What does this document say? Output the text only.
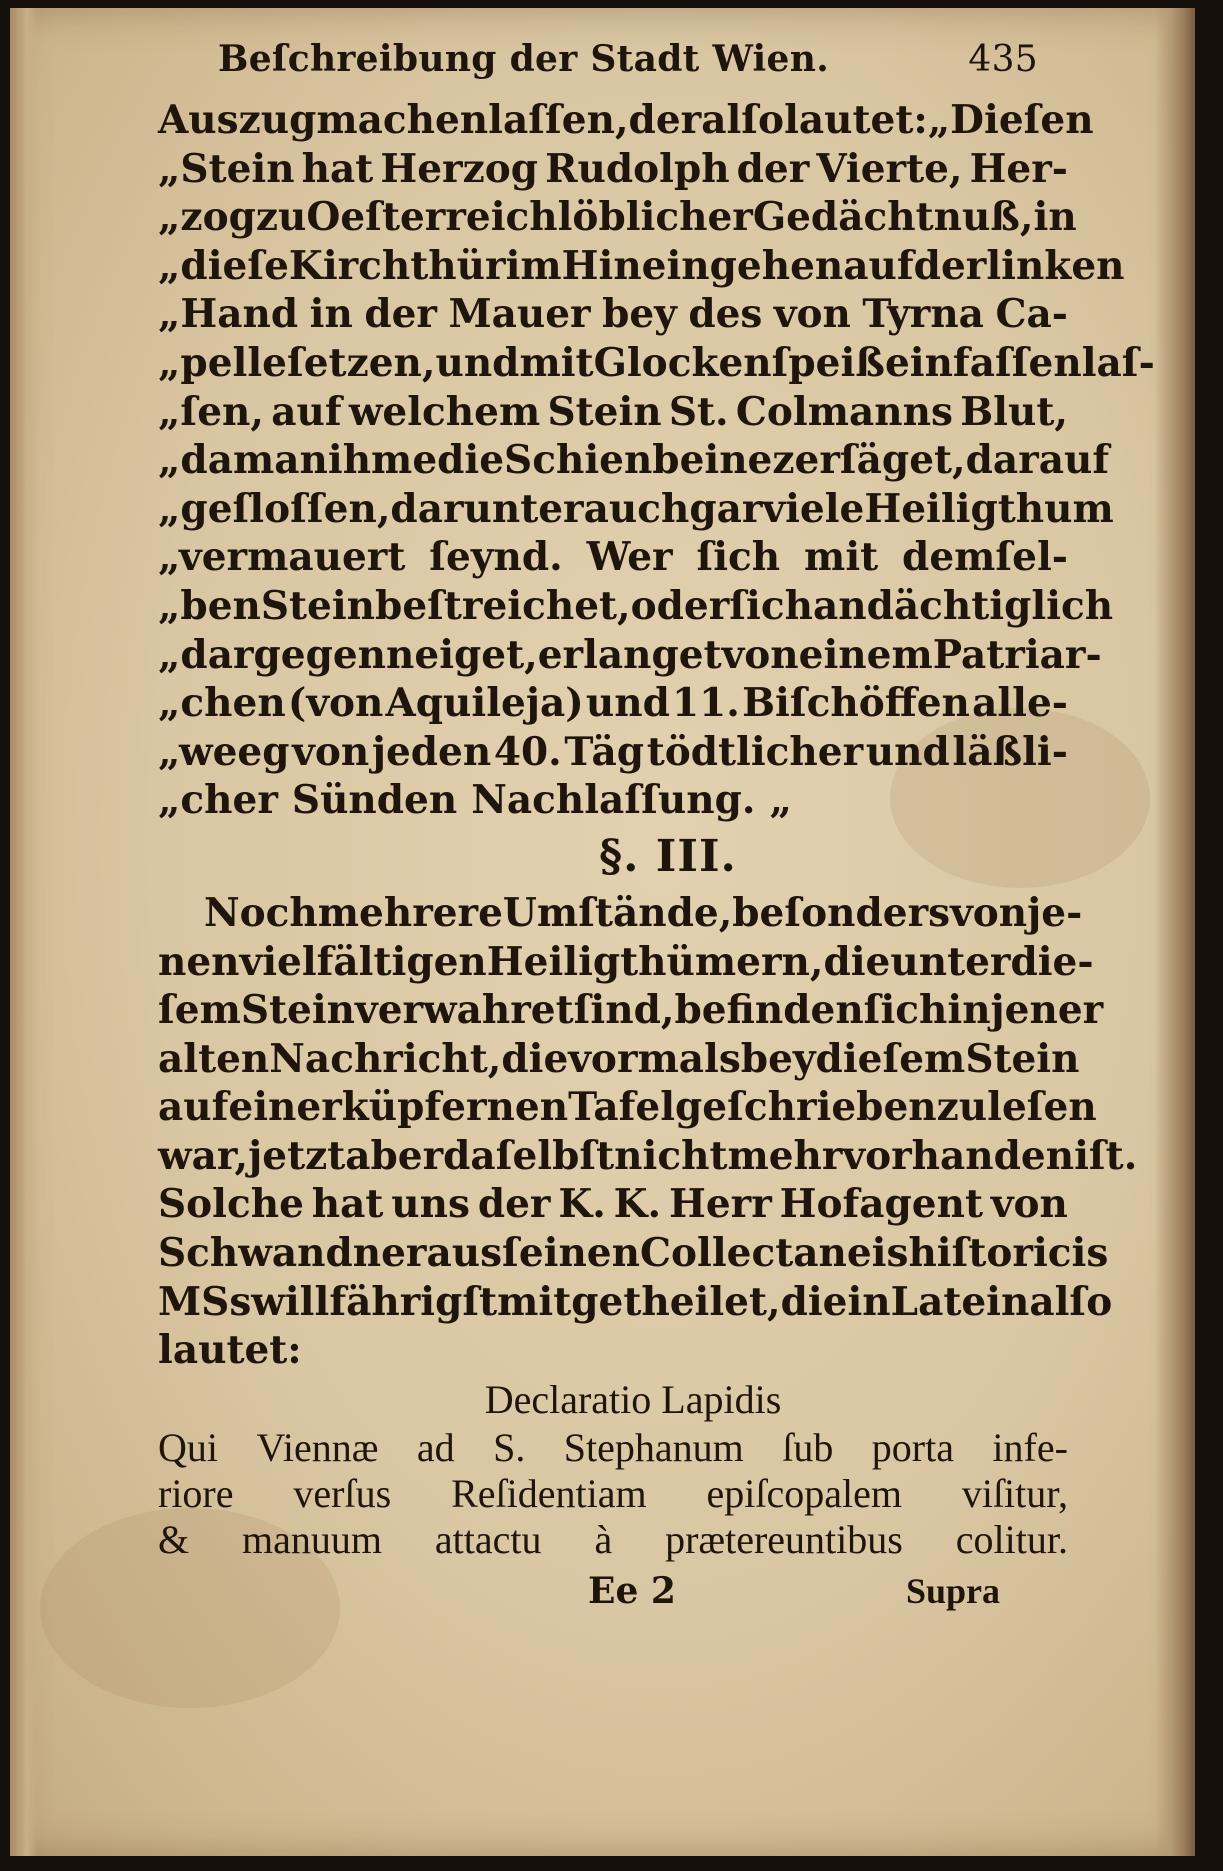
Beſchreibung der Stadt Wien.	435
Auszug machen laſſen, der alſo lautet: „Dieſen
„Stein hat Herzog Rudolph der Vierte, Her-
„zog zu Oeſterreich löblicher Gedächtnuß, in
„dieſe Kirchthür im Hineingehen auf der linken
„Hand in der Mauer bey des von Tyrna Ca-
„pelle ſetzen, und mit Glockenſpeiß einfaſſen laſ-
„ſen, auf welchem Stein St. Colmanns Blut,
„da man ihme die Schienbeine zerſäget, darauf
„geſloſſen, darunter auch gar viele Heiligthum
„vermauert ſeynd. Wer ſich mit demſel-
„ben Stein beſtreichet, oder ſich andächtiglich
„dargegen neiget, erlanget von einem Patriar-
„chen (von Aquileja) und 11. Biſchöffen alle-
„weeg von jeden 40. Täg tödtlicher und läßli-
„cher Sünden Nachlaſſung. „
§. III.
Noch mehrere Umſtände, beſonders von je-
nen vielfältigen Heiligthümern, die unter die-
ſem Stein verwahret ſind, befinden ſich in jener
alten Nachricht, die vormals bey dieſem Stein
auf einer küpfernen Tafel geſchrieben zu leſen
war, jetzt aber daſelbſt nicht mehr vorhanden iſt.
Solche hat uns der K. K. Herr Hofagent von
Schwandner aus ſeinen Collectaneis hiſtoricis
MSs willfährigſt mitgetheilet, die in Latein alſo
lautet:
Declaratio Lapidis
Qui Viennæ ad S. Stephanum ſub porta infe-
riore verſus Reſidentiam epiſcopalem viſitur,
& manuum attactu à prætereuntibus colitur.
Ee 2	Supra
